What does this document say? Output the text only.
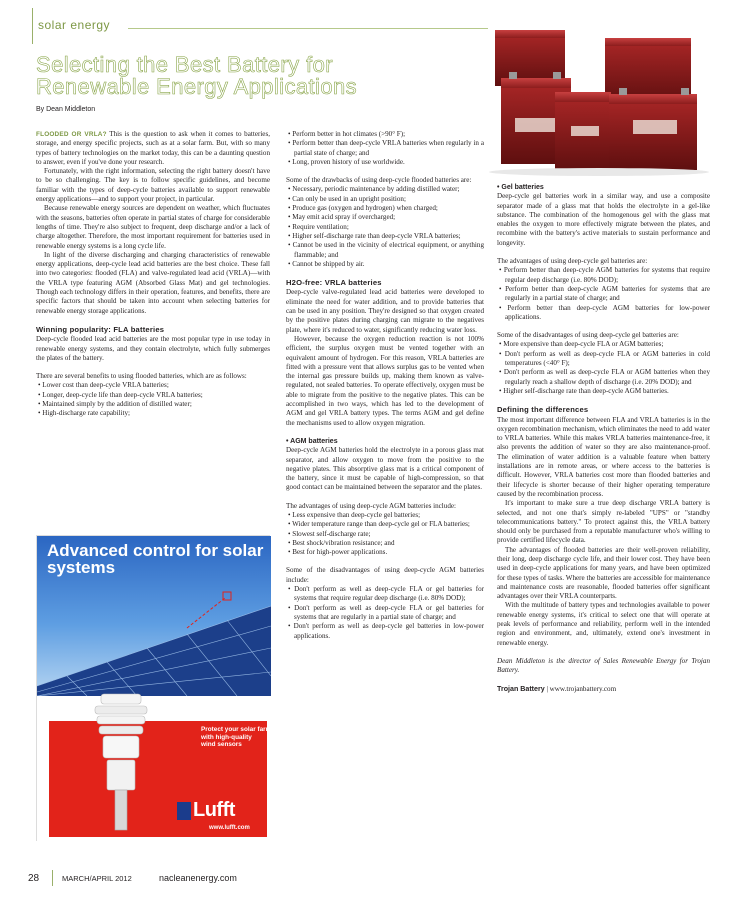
solar energy
Selecting the Best Battery for
Renewable Energy Applications
By Dean Middleton

FLOODED OR VRLA? This is the question to ask when it comes to batteries, storage, and energy specific projects, such as at a solar farm. But, with so many types of battery technologies on the market today, this can be a daunting question to answer, even if you've done your research.

Fortunately, with the right information, selecting the right battery doesn't have to be so challenging. The key is to follow specific guidelines, and become familiar with the types of deep-cycle batteries available to support renewable energy applications—and to support your project, in particular.

Because renewable energy sources are dependent on weather, which fluctuates with the seasons, batteries often operate in partial states of charge for considerable lengths of time. They're also subject to frequent, deep discharge and/or a lack of charge altogether. Therefore, the most important requirement for batteries used in renewable energy systems is a long cycle life.

In light of the diverse discharging and charging characteristics of renewable energy applications, deep-cycle lead acid batteries are the best choice. These fall into two categories: flooded (FLA) and valve-regulated lead acid (VRLA)—with the VRLA type featuring AGM (Absorbed Glass Mat) and gel technologies. Though each technology differs in their operation, features, and benefits, there are specific factors that should be taken into account when selecting batteries for renewable energy storage applications.

Winning popularity: FLA batteries

Deep-cycle flooded lead acid batteries are the most popular type in use today in renewable energy systems, and they contain electrolyte, which fully submerges the plates of the battery.

There are several benefits to using flooded batteries, which are as follows:

• Lower cost than deep-cycle VRLA batteries;
• Longer, deep-cycle life than deep-cycle VRLA batteries;
• Maintained simply by the addition of distilled water;
• High-discharge rate capability;
Advanced control for solar
systems
Protect your solar farm
with high-quality
wind sensors
Lufft
www.lufft.com
• Perform better in hot climates (>90° F);
• Perform better than deep-cycle VRLA batteries when regularly in a partial state of charge; and
• Long, proven history of use worldwide.

Some of the drawbacks of using deep-cycle flooded batteries are:

• Necessary, periodic maintenance by adding distilled water;
• Can only be used in an upright position;
• Produce gas (oxygen and hydrogen) when charged;
• May emit acid spray if overcharged;
• Require ventilation;
• Higher self-discharge rate than deep-cycle VRLA batteries;
• Cannot be used in the vicinity of electrical equipment, or anything flammable; and
• Cannot be shipped by air.
H2O-free: VRLA batteries

Deep-cycle valve-regulated lead acid batteries were developed to eliminate the need for water addition, and to provide batteries that can be used in any position. They're designed so that oxygen created by the positive plates during charging can migrate to the negatives plate, where it's reduced to water, significantly reducing water loss.

However, because the oxygen reduction reaction is not 100% efficient, the surplus oxygen must be vented together with an equivalent amount of hydrogen. For this reason, VRLA batteries are fitted with a pressure vent that allows surplus gas to be vented when the internal gas pressure builds up, making them known as valve-regulated, not sealed batteries. To operate effectively, oxygen must be able to migrate from the positive to the negative plates. This can be accomplished in two ways, which has led to the development of AGM and gel VRLA battery types. The terms AGM and gel define the mechanisms used to allow oxygen migration.

• AGM batteries

Deep-cycle AGM batteries hold the electrolyte in a porous glass mat separator, and allow oxygen to move from the positive to the negative plates. This absorptive glass mat is a critical component of the battery, since it must be capable of high-compression, so that good contact can be maintained between the separator and the plates.

The advantages of using deep-cycle AGM batteries include:

• Less expensive than deep-cycle gel batteries;
• Wider temperature range than deep-cycle gel or FLA batteries;
• Slowest self-discharge rate;
• Best shock/vibration resistance; and
• Best for high-power applications.

Some of the disadvantages of using deep-cycle AGM batteries include:

• Don't perform as well as deep-cycle FLA or gel batteries for systems that require regular deep discharge (i.e. 80% DOD);
• Don't perform as well as deep-cycle FLA or gel batteries for systems that are regularly in a partial state of charge; and
• Don't perform as well as deep-cycle gel batteries in low-power applications.
• Gel batteries

Deep-cycle gel batteries work in a similar way, and use a composite separator made of a glass mat that holds the electrolyte in a gel-like substance. The combination of the homogenous gel with the glass mat enables the oxygen to more effectively migrate between the plates, and recombine with the battery's active materials to sustain performance and longevity.

The advantages of using deep-cycle gel batteries are:

• Perform better than deep-cycle AGM batteries for systems that require regular deep discharge (i.e. 80% DOD);
• Perform better than deep-cycle AGM batteries for systems that are regularly in a partial state of charge; and
• Perform better than deep-cycle AGM batteries for low-power applications.

Some of the disadvantages of using deep-cycle gel batteries are:

• More expensive than deep-cycle FLA or AGM batteries;
• Don't perform as well as deep-cycle FLA or AGM batteries in cold temperatures (<40° F);
• Don't perform as well as deep-cycle FLA or AGM batteries when they regularly reach a shallow depth of discharge (i.e. 20% DOD); and
• Higher self-discharge rate than deep-cycle AGM batteries.
Defining the differences

The most important difference between FLA and VRLA batteries is in the oxygen recombination mechanism, which eliminates the need to add water to VRLA batteries. While this makes VRLA batteries maintenance-free, it also prevents the addition of water so they are also maintenance-proof. The elimination of water addition is a valuable feature when battery installations are in remote areas, or where access to the batteries is difficult. However, VRLA batteries cost more than flooded batteries and their lifecycle is shorter because of their higher operating temperature caused by the recombination process.

It's important to make sure a true deep discharge VRLA battery is selected, and not one that's simply re-labeled "UPS" or "standby telecommunications battery." To protect against this, the VRLA battery should only be purchased from a reputable manufacturer who's willing to provide certified lifecycle data.

The advantages of flooded batteries are their well-proven reliability, their long, deep discharge cycle life, and their lower cost. They have been used in deep-cycle applications for many years, and have been optimized for these types of tasks. Where the batteries are accessible for maintenance and maintenance costs are reasonable, flooded batteries offer significant advantages over their VRLA counterparts.

With the multitude of battery types and technologies available to power renewable energy systems, it's critical to select one that will operate at peak levels of performance and reliability, perform well in the intended region and environment, and, ultimately, extend one's investment in renewable energy.

Dean Middleton is the director of Sales Renewable Energy for Trojan Battery.

Trojan Battery | www.trojanbattery.com

28	MARCH/APRIL 2012	nacleanenergy.com
